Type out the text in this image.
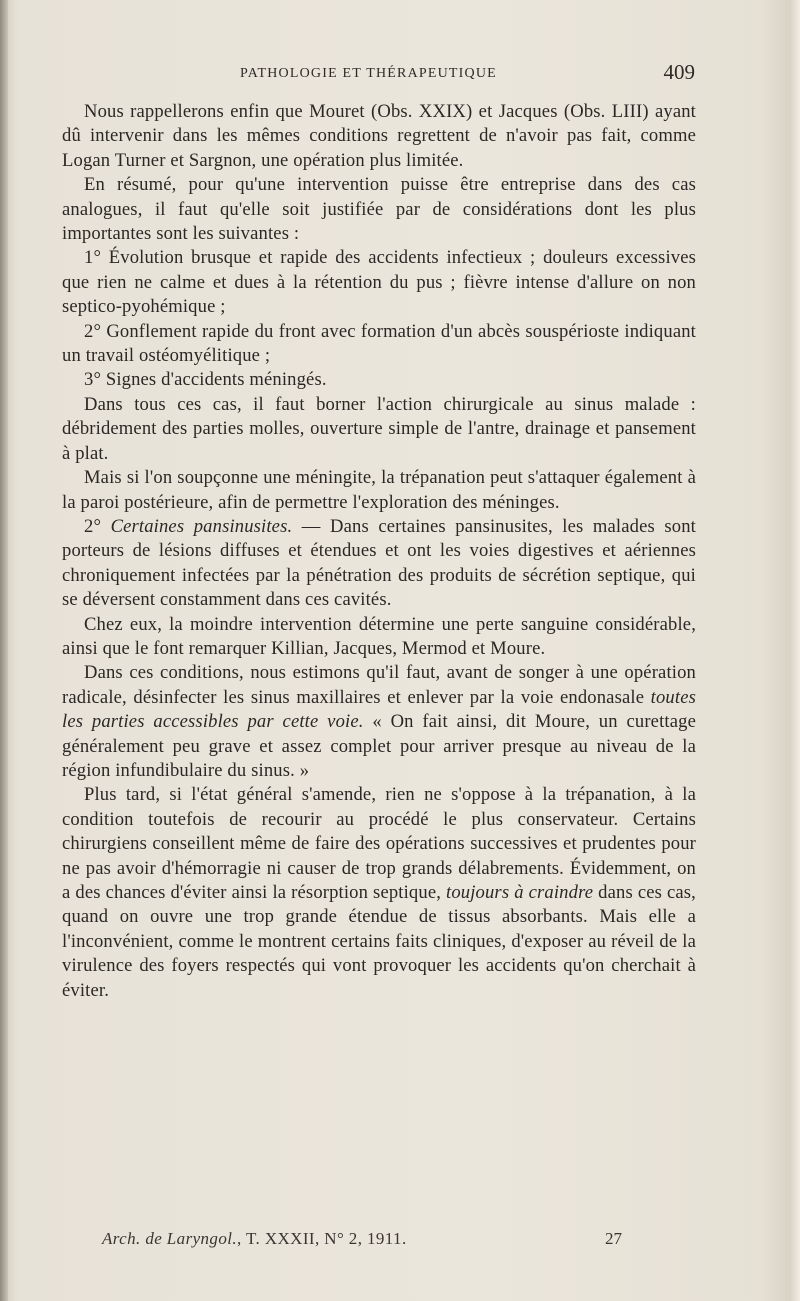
PATHOLOGIE ET THÉRAPEUTIQUE	409

Nous rappellerons enfin que Mouret (Obs. XXIX) et Jacques (Obs. LIII) ayant dû intervenir dans les mêmes conditions regrettent de n'avoir pas fait, comme Logan Turner et Sargnon, une opération plus limitée.

En résumé, pour qu'une intervention puisse être entreprise dans des cas analogues, il faut qu'elle soit justifiée par de considérations dont les plus importantes sont les suivantes :

1° Évolution brusque et rapide des accidents infectieux ; douleurs excessives que rien ne calme et dues à la rétention du pus ; fièvre intense d'allure on non septico-pyohémique ;

2° Gonflement rapide du front avec formation d'un abcès souspérioste indiquant un travail ostéomyélitique ;

3° Signes d'accidents méningés.

Dans tous ces cas, il faut borner l'action chirurgicale au sinus malade : débridement des parties molles, ouverture simple de l'antre, drainage et pansement à plat.

Mais si l'on soupçonne une méningite, la trépanation peut s'attaquer également à la paroi postérieure, afin de permettre l'exploration des méninges.

2° Certaines pansinusites. — Dans certaines pansinusites, les malades sont porteurs de lésions diffuses et étendues et ont les voies digestives et aériennes chroniquement infectées par la pénétration des produits de sécrétion septique, qui se déversent constamment dans ces cavités.

Chez eux, la moindre intervention détermine une perte sanguine considérable, ainsi que le font remarquer Killian, Jacques, Mermod et Moure.

Dans ces conditions, nous estimons qu'il faut, avant de songer à une opération radicale, désinfecter les sinus maxillaires et enlever par la voie endonasale toutes les parties accessibles par cette voie. « On fait ainsi, dit Moure, un curettage généralement peu grave et assez complet pour arriver presque au niveau de la région infundibulaire du sinus. »

Plus tard, si l'état général s'amende, rien ne s'oppose à la trépanation, à la condition toutefois de recourir au procédé le plus conservateur. Certains chirurgiens conseillent même de faire des opérations successives et prudentes pour ne pas avoir d'hémorragie ni causer de trop grands délabrements. Évidemment, on a des chances d'éviter ainsi la résorption septique, toujours à craindre dans ces cas, quand on ouvre une trop grande étendue de tissus absorbants. Mais elle a l'inconvénient, comme le montrent certains faits cliniques, d'exposer au réveil de la virulence des foyers respectés qui vont provoquer les accidents qu'on cherchait à éviter.

Arch. de Laryngol., T. XXXII, N° 2, 1911.	27
